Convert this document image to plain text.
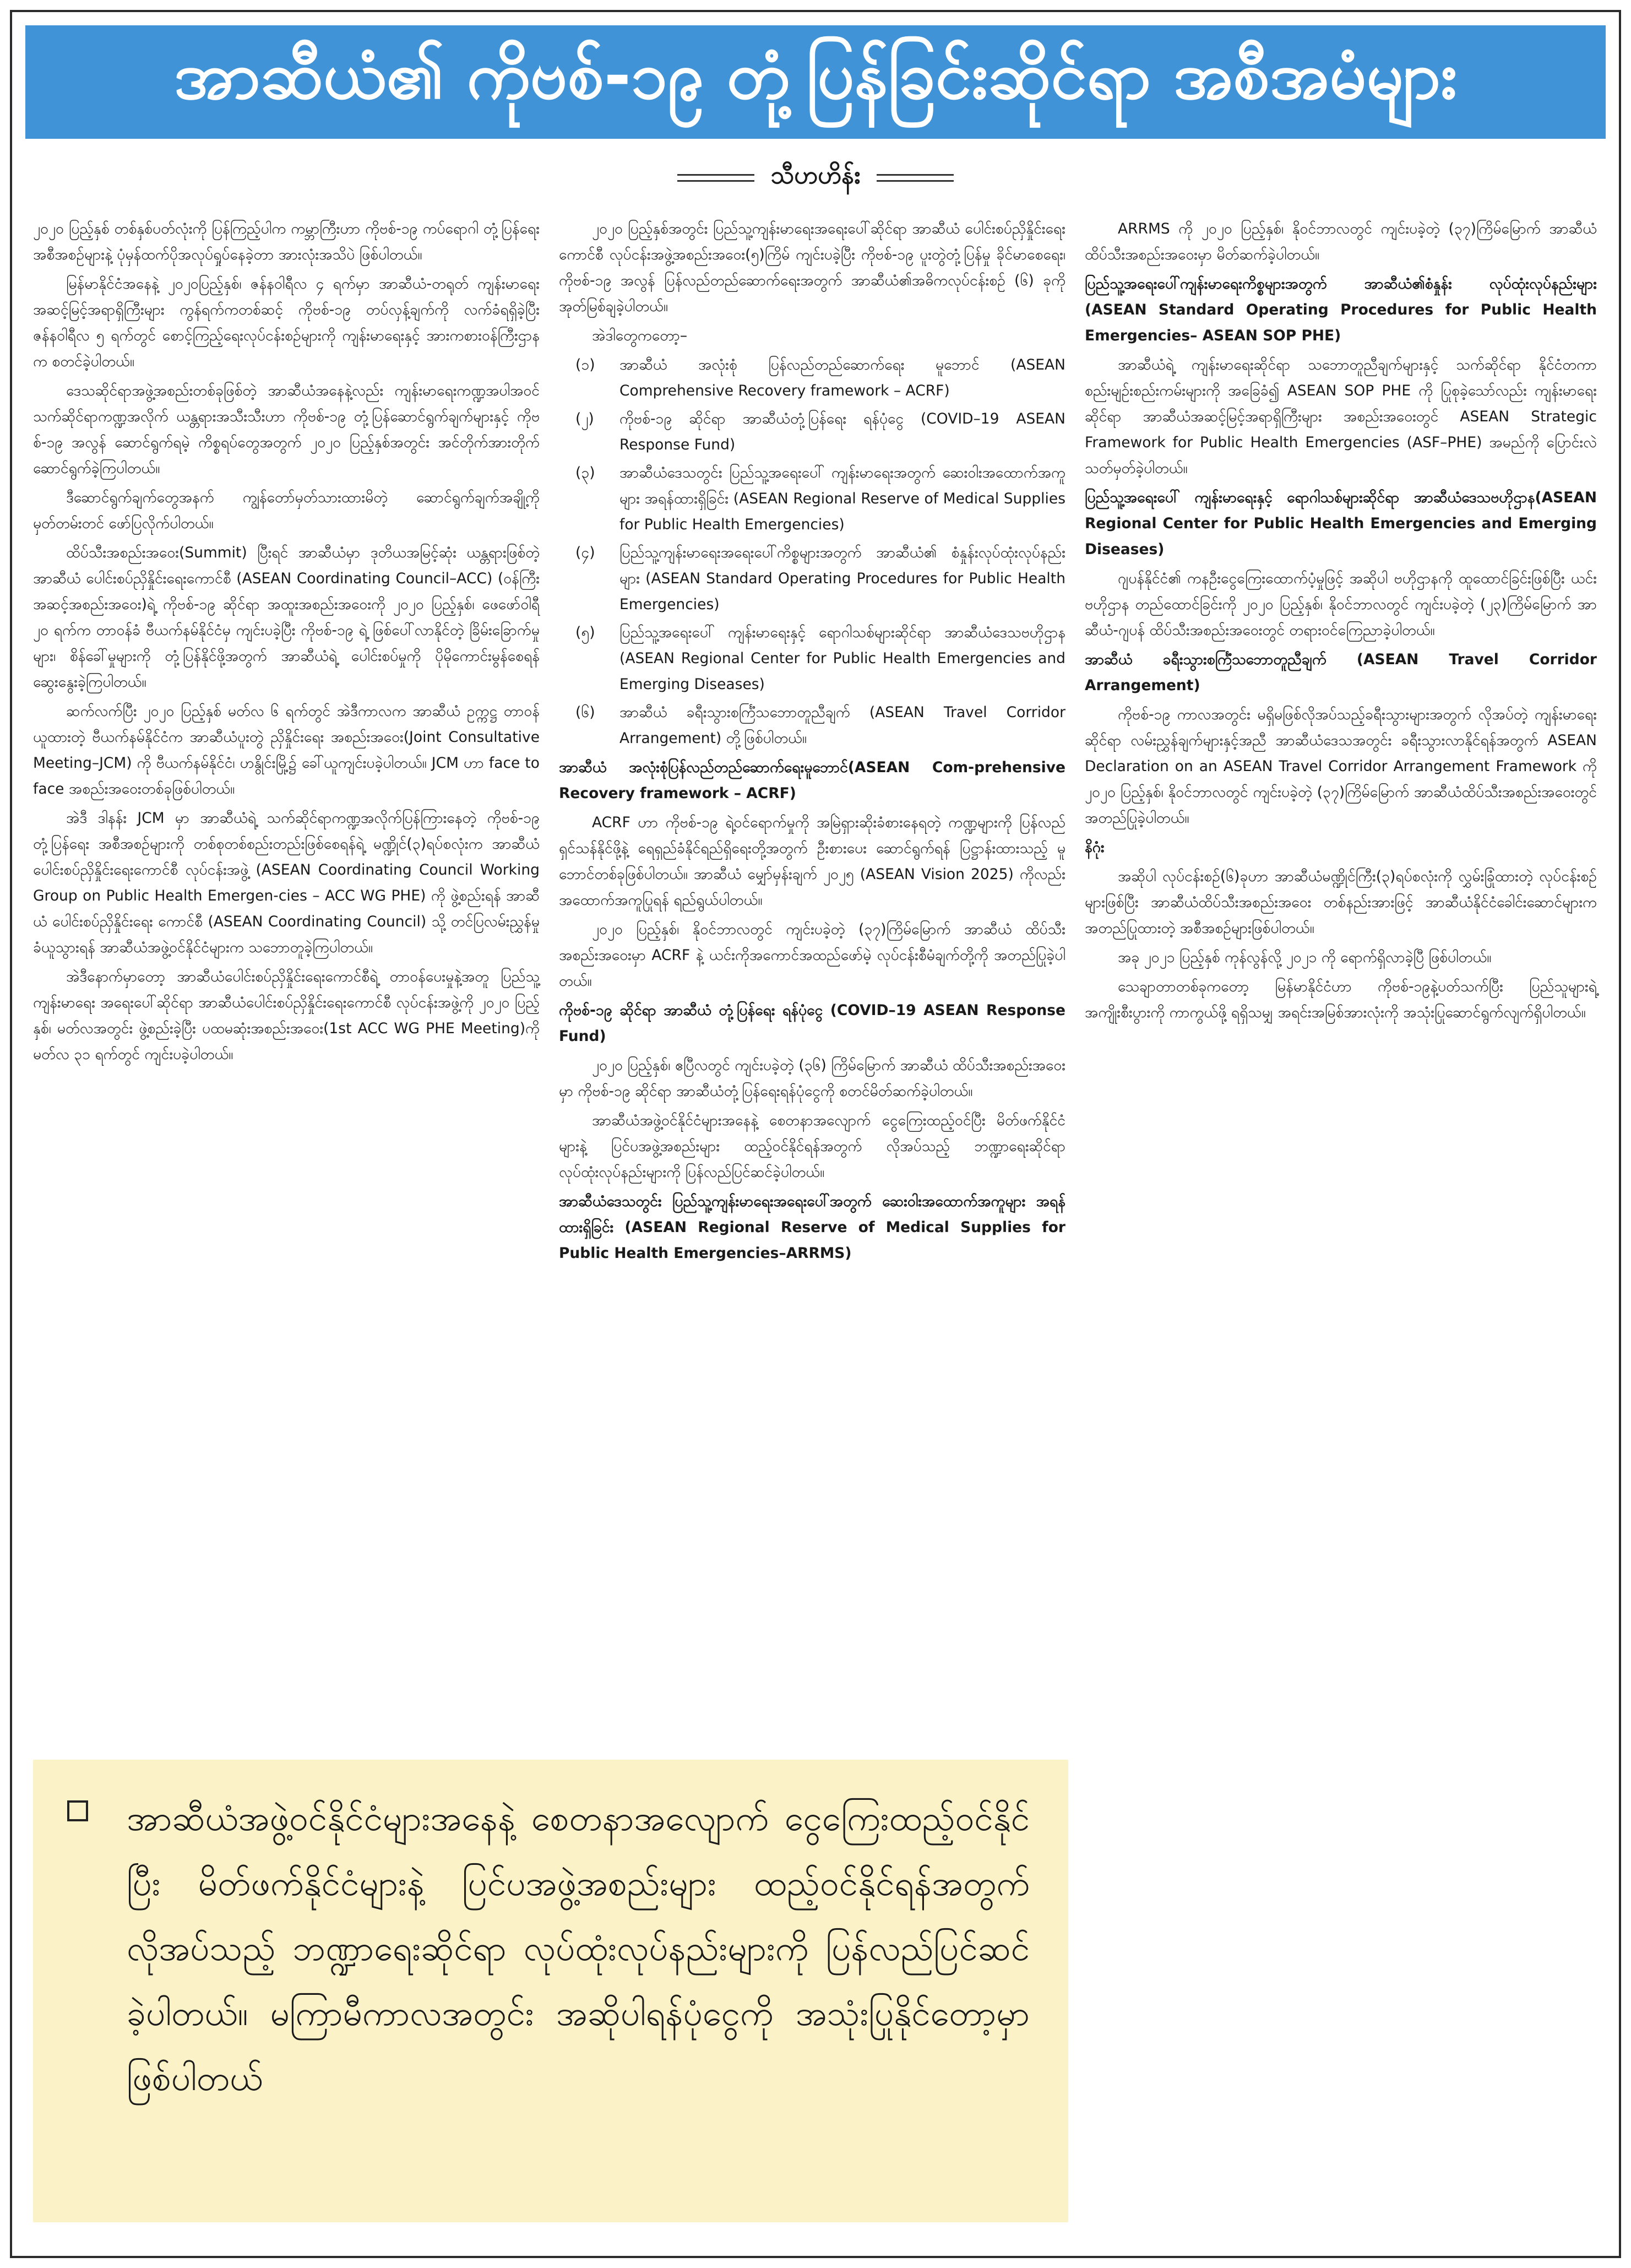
အာဆီယံ၏ ကိုဗစ်-၁၉ တုံ့ပြန်ခြင်းဆိုင်ရာ အစီအမံများ
သီဟဟိန်း

၂၀၂၀ ပြည့်နှစ် တစ်နှစ်ပတ်လုံးကို ပြန်ကြည့်ပါက ကမ္ဘာကြီးဟာ ကိုဗစ်-၁၉ ကပ်ရောဂါ တုံ့ပြန်ရေး အစီအစဉ်များနဲ့ ပုံမှန်ထက်ပိုအလုပ်ရှုပ်နေခဲ့တာ အားလုံးအသိပဲ ဖြစ်ပါတယ်။

မြန်မာနိုင်ငံအနေနဲ့ ၂၀၂၀ပြည့်နှစ်၊ ဇန်နဝါရီလ ၄ ရက်မှာ အာဆီယံ-တရုတ် ကျန်းမာရေး အဆင့်မြင့်အရာရှိကြီးများ ကွန်ရက်ကတစ်ဆင့် ကိုဗစ်-၁၉ တပ်လှန့်ချက်ကို လက်ခံရရှိခဲ့ပြီး ဇန်နဝါရီလ ၅ ရက်တွင် စောင့်ကြည့်ရေးလုပ်ငန်းစဉ်များကို ကျန်းမာရေးနှင့် အားကစားဝန်ကြီးဌာနက စတင်ခဲ့ပါတယ်။

ဒေသဆိုင်ရာအဖွဲ့အစည်းတစ်ခုဖြစ်တဲ့ အာဆီယံအနေနဲ့လည်း ကျန်းမာရေးကဏ္ဍအပါအဝင် သက်ဆိုင်ရာကဏ္ဍအလိုက် ယန္တရားအသီးသီးဟာ ကိုဗစ်-၁၉ တုံ့ပြန်ဆောင်ရွက်ချက်များနှင့် ကိုဗစ်-၁၉ အလွန် ဆောင်ရွက်ရမဲ့ ကိစ္စရပ်တွေအတွက် ၂၀၂၀ ပြည့်နှစ်အတွင်း အင်တိုက်အားတိုက် ဆောင်ရွက်ခဲ့ကြပါတယ်။

ဒီဆောင်ရွက်ချက်တွေအနက် ကျွန်တော်မှတ်သားထားမိတဲ့ ဆောင်ရွက်ချက်အချို့ကို မှတ်တမ်းတင် ဖော်ပြလိုက်ပါတယ်။

ထိပ်သီးအစည်းအဝေး(Summit) ပြီးရင် အာဆီယံမှာ ဒုတိယအမြင့်ဆုံး ယန္တရားဖြစ်တဲ့ အာဆီယံ ပေါင်းစပ်ညှိနှိုင်းရေးကောင်စီ (ASEAN Coordinating Council–ACC) (ဝန်ကြီးအဆင့်အစည်းအဝေး)ရဲ့ ကိုဗစ်-၁၉ ဆိုင်ရာ အထူးအစည်းအဝေးကို ၂၀၂၀ ပြည့်နှစ်၊ ဖေဖော်ဝါရီ ၂၀ ရက်က တာဝန်ခံ ဗီယက်နမ်နိုင်ငံမှ ကျင်းပခဲ့ပြီး ကိုဗစ်-၁၉ ရဲ့ ဖြစ်ပေါ်လာနိုင်တဲ့ ခြိမ်းခြောက်မှုများ၊ စိန်ခေါ်မှုများကို တုံ့ပြန်နိုင်ဖို့အတွက် အာဆီယံရဲ့ ပေါင်းစပ်မှုကို ပိုမိုကောင်းမွန်စေရန် ဆွေးနွေးခဲ့ကြပါတယ်။

ဆက်လက်ပြီး ၂၀၂၀ ပြည့်နှစ် မတ်လ ၆ ရက်တွင် အဲဒီကာလက အာဆီယံ ဥက္ကဋ္ဌ တာဝန်ယူထားတဲ့ ဗီယက်နမ်နိုင်ငံက အာဆီယံပူးတွဲ ညှိနှိုင်းရေး အစည်းအဝေး(Joint Consultative Meeting–JCM) ကို ဗီယက်နမ်နိုင်ငံ၊ ဟနွိုင်းမြို့၌ ခေါ်ယူကျင်းပခဲ့ပါတယ်။ JCM ဟာ face to face အစည်းအဝေးတစ်ခုဖြစ်ပါတယ်။

အဲဒီ ဒါနန်း JCM မှာ အာဆီယံရဲ့ သက်ဆိုင်ရာကဏ္ဍအလိုက်ပြန်ကြားနေတဲ့ ကိုဗစ်-၁၉ တုံ့ပြန်ရေး အစီအစဉ်များကို တစ်စုတစ်စည်းတည်းဖြစ်စေရန်ရဲ့ မဏ္ဍိုင်(၃)ရပ်စလုံးက အာဆီယံ ပေါင်းစပ်ညှိနှိုင်းရေးကောင်စီ လုပ်ငန်းအဖွဲ့ (ASEAN Coordinating Council Working Group on Public Health Emergen-cies – ACC WG PHE) ကို ဖွဲ့စည်းရန် အာဆီယံ ပေါင်းစပ်ညှိနှိုင်းရေး ကောင်စီ (ASEAN Coordinating Council) သို့ တင်ပြလမ်းညွှန်မှု ခံယူသွားရန် အာဆီယံအဖွဲ့ဝင်နိုင်ငံများက သဘောတူခဲ့ကြပါတယ်။

အဲဒီနောက်မှာတော့ အာဆီယံပေါင်းစပ်ညှိနှိုင်းရေးကောင်စီရဲ့ တာဝန်ပေးမှုနဲ့အတူ ပြည်သူ့ကျန်းမာရေး အရေးပေါ်ဆိုင်ရာ အာဆီယံပေါင်းစပ်ညှိနှိုင်းရေးကောင်စီ လုပ်ငန်းအဖွဲ့ကို ၂၀၂၀ ပြည့်နှစ်၊ မတ်လအတွင်း ဖွဲ့စည်းခဲ့ပြီး ပထမဆုံးအစည်းအဝေး(1st ACC WG PHE Meeting)ကို မတ်လ ၃၁ ရက်တွင် ကျင်းပခဲ့ပါတယ်။

၂၀၂၀ ပြည့်နှစ်အတွင်း ပြည်သူ့ကျန်းမာရေးအရေးပေါ်ဆိုင်ရာ အာဆီယံ ပေါင်းစပ်ညှိနှိုင်းရေးကောင်စီ လုပ်ငန်းအဖွဲ့အစည်းအဝေး(၅)ကြိမ် ကျင်းပခဲ့ပြီး ကိုဗစ်-၁၉ ပူးတွဲတုံ့ပြန်မှု ခိုင်မာစေရေး၊ ကိုဗစ်-၁၉ အလွန် ပြန်လည်တည်ဆောက်ရေးအတွက် အာဆီယံ၏အဓိကလုပ်ငန်းစဉ် (၆) ခုကို အုတ်မြစ်ချခဲ့ပါတယ်။

အဲဒါတွေကတော့–

(၁) အာဆီယံ အလုံးစုံ ပြန်လည်တည်ဆောက်ရေး မူဘောင် (ASEAN Comprehensive Recovery framework – ACRF)
(၂) ကိုဗစ်-၁၉ ဆိုင်ရာ အာဆီယံတုံ့ပြန်ရေး ရန်ပုံငွေ (COVID–19 ASEAN Response Fund)
(၃) အာဆီယံဒေသတွင်း ပြည်သူ့အရေးပေါ် ကျန်းမာရေးအတွက် ဆေးဝါးအထောက်အကူများ အရန်ထားရှိခြင်း (ASEAN Regional Reserve of Medical Supplies for Public Health Emergencies)
(၄) ပြည်သူ့ကျန်းမာရေးအရေးပေါ်ကိစ္စများအတွက် အာဆီယံ၏ စံနှုန်းလုပ်ထုံးလုပ်နည်းများ (ASEAN Standard Operating Procedures for Public Health Emergencies)
(၅) ပြည်သူ့အရေးပေါ် ကျန်းမာရေးနှင့် ရောဂါသစ်များဆိုင်ရာ အာဆီယံဒေသဗဟိုဌာန (ASEAN Regional Center for Public Health Emergencies and Emerging Diseases)
(၆) အာဆီယံ ခရီးသွားစင်္ကြံသဘောတူညီချက် (ASEAN Travel Corridor Arrangement) တို့ဖြစ်ပါတယ်။

အာဆီယံ အလုံးစုံပြန်လည်တည်ဆောက်ရေးမူဘောင်(ASEAN Com-prehensive Recovery framework – ACRF)

ACRF ဟာ ကိုဗစ်-၁၉ ရဲ့ဝင်ရောက်မှုကို အမြဲရှားဆိုးခံစားနေရတဲ့ ကဏ္ဍများကို ပြန်လည်ရှင်သန်နိုင်ဖို့နဲ့ ရေရှည်ခံနိုင်ရည်ရှိရေးတို့အတွက် ဦးစားပေး ဆောင်ရွက်ရန် ပြဋ္ဌာန်းထားသည့် မူဘောင်တစ်ခုဖြစ်ပါတယ်။ အာဆီယံ မျှော်မှန်းချက် ၂၀၂၅ (ASEAN Vision 2025) ကိုလည်း အထောက်အကူပြုရန် ရည်ရွယ်ပါတယ်။

၂၀၂၀ ပြည့်နှစ်၊ နိုဝင်ဘာလတွင် ကျင်းပခဲ့တဲ့ (၃၇)ကြိမ်မြောက် အာဆီယံ ထိပ်သီးအစည်းအဝေးမှာ ACRF နဲ့ ယင်းကိုအကောင်အထည်ဖော်မဲ့ လုပ်ငန်းစီမံချက်တို့ကို အတည်ပြုခဲ့ပါတယ်။

ကိုဗစ်-၁၉ ဆိုင်ရာ အာဆီယံ တုံ့ပြန်ရေး ရန်ပုံငွေ (COVID–19 ASEAN Response Fund)

၂၀၂၀ ပြည့်နှစ်၊ ဧပြီလတွင် ကျင်းပခဲ့တဲ့ (၃၆) ကြိမ်မြောက် အာဆီယံ ထိပ်သီးအစည်းအဝေးမှာ ကိုဗစ်-၁၉ ဆိုင်ရာ အာဆီယံတုံ့ပြန်ရေးရန်ပုံငွေကို စတင်မိတ်ဆက်ခဲ့ပါတယ်။

အာဆီယံအဖွဲ့ဝင်နိုင်ငံများအနေနဲ့ စေတနာအလျောက် ငွေကြေးထည့်ဝင်ပြီး မိတ်ဖက်နိုင်ငံများနဲ့ ပြင်ပအဖွဲ့အစည်းများ ထည့်ဝင်နိုင်ရန်အတွက် လိုအပ်သည့် ဘဏ္ဍာရေးဆိုင်ရာ လုပ်ထုံးလုပ်နည်းများကို ပြန်လည်ပြင်ဆင်ခဲ့ပါတယ်။

အာဆီယံဒေသတွင်း ပြည်သူ့ကျန်းမာရေးအရေးပေါ်အတွက် ဆေးဝါးအထောက်အကူများ အရန်ထားရှိခြင်း (ASEAN Regional Reserve of Medical Supplies for Public Health Emergencies–ARRMS)

ARRMS ကို ၂၀၂၀ ပြည့်နှစ်၊ နိုဝင်ဘာလတွင် ကျင်းပခဲ့တဲ့ (၃၇)ကြိမ်မြောက် အာဆီယံထိပ်သီးအစည်းအဝေးမှာ မိတ်ဆက်ခဲ့ပါတယ်။

ပြည်သူ့အရေးပေါ်ကျန်းမာရေးကိစ္စများအတွက် အာဆီယံ၏စံနှုန်း လုပ်ထုံးလုပ်နည်းများ (ASEAN Standard Operating Procedures for Public Health Emergencies– ASEAN SOP PHE)

အာဆီယံရဲ့ ကျန်းမာရေးဆိုင်ရာ သဘောတူညီချက်များနှင့် သက်ဆိုင်ရာ နိုင်ငံတကာ စည်းမျဉ်းစည်းကမ်းများကို အခြေခံ၍ ASEAN SOP PHE ကို ပြုစုခဲ့သော်လည်း ကျန်းမာရေးဆိုင်ရာ အာဆီယံအဆင့်မြင့်အရာရှိကြီးများ အစည်းအဝေးတွင် ASEAN Strategic Framework for Public Health Emergencies (ASF–PHE) အမည်ကို ပြောင်းလဲသတ်မှတ်ခဲ့ပါတယ်။

ပြည်သူ့အရေးပေါ် ကျန်းမာရေးနှင့် ရောဂါသစ်များဆိုင်ရာ အာဆီယံဒေသဗဟိုဌာန(ASEAN Regional Center for Public Health Emergencies and Emerging Diseases)

ဂျပန်နိုင်ငံ၏ ကနဦးငွေကြေးထောက်ပံ့မှုဖြင့် အဆိုပါ ဗဟိုဌာနကို ထူထောင်ခြင်းဖြစ်ပြီး ယင်းဗဟိုဌာန တည်ထောင်ခြင်းကို ၂၀၂၀ ပြည့်နှစ်၊ နိုဝင်ဘာလတွင် ကျင်းပခဲ့တဲ့ (၂၃)ကြိမ်မြောက် အာဆီယံ-ဂျပန် ထိပ်သီးအစည်းအဝေးတွင် တရားဝင်ကြေညာခဲ့ပါတယ်။

အာဆီယံ ခရီးသွားစင်္ကြံသဘောတူညီချက် (ASEAN Travel Corridor Arrangement)

ကိုဗစ်-၁၉ ကာလအတွင်း မရှိမဖြစ်လိုအပ်သည့်ခရီးသွားများအတွက် လိုအပ်တဲ့ ကျန်းမာရေးဆိုင်ရာ လမ်းညွှန်ချက်များနှင့်အညီ အာဆီယံဒေသအတွင်း ခရီးသွားလာနိုင်ရန်အတွက် ASEAN Declaration on an ASEAN Travel Corridor Arrangement Framework ကို ၂၀၂၀ ပြည့်နှစ်၊ နိုဝင်ဘာလတွင် ကျင်းပခဲ့တဲ့ (၃၇)ကြိမ်မြောက် အာဆီယံထိပ်သီးအစည်းအဝေးတွင် အတည်ပြုခဲ့ပါတယ်။

နိဂုံး

အဆိုပါ လုပ်ငန်းစဉ်(၆)ခုဟာ အာဆီယံမဏ္ဍိုင်ကြီး(၃)ရပ်စလုံးကို လွှမ်းခြုံထားတဲ့ လုပ်ငန်းစဉ်များဖြစ်ပြီး အာဆီယံထိပ်သီးအစည်းအဝေး တစ်နည်းအားဖြင့် အာဆီယံနိုင်ငံခေါင်းဆောင်များက အတည်ပြုထားတဲ့ အစီအစဉ်များဖြစ်ပါတယ်။

အခု ၂၀၂၁ ပြည့်နှစ် ကုန်လွန်လို့ ၂၀၂၁ ကို ရောက်ရှိလာခဲ့ပြီ ဖြစ်ပါတယ်။

သေချာတာတစ်ခုကတော့ မြန်မာနိုင်ငံဟာ ကိုဗစ်-၁၉နဲ့ပတ်သက်ပြီး ပြည်သူများရဲ့ အကျိုးစီးပွားကို ကာကွယ်ဖို့ ရရှိသမျှ အရင်းအမြစ်အားလုံးကို အသုံးပြုဆောင်ရွက်လျက်ရှိပါတယ်။

အာဆီယံအဖွဲ့ဝင်နိုင်ငံများအနေနဲ့ စေတနာအလျောက် ငွေကြေးထည့်ဝင်နိုင်ပြီး မိတ်ဖက်နိုင်ငံများနဲ့ ပြင်ပအဖွဲ့အစည်းများ ထည့်ဝင်နိုင်ရန်အတွက် လိုအပ်သည့် ဘဏ္ဍာရေးဆိုင်ရာ လုပ်ထုံးလုပ်နည်းများကို ပြန်လည်ပြင်ဆင်ခဲ့ပါတယ်။ မကြာမီကာလအတွင်း အဆိုပါရန်ပုံငွေကို အသုံးပြုနိုင်တော့မှာ ဖြစ်ပါတယ်
